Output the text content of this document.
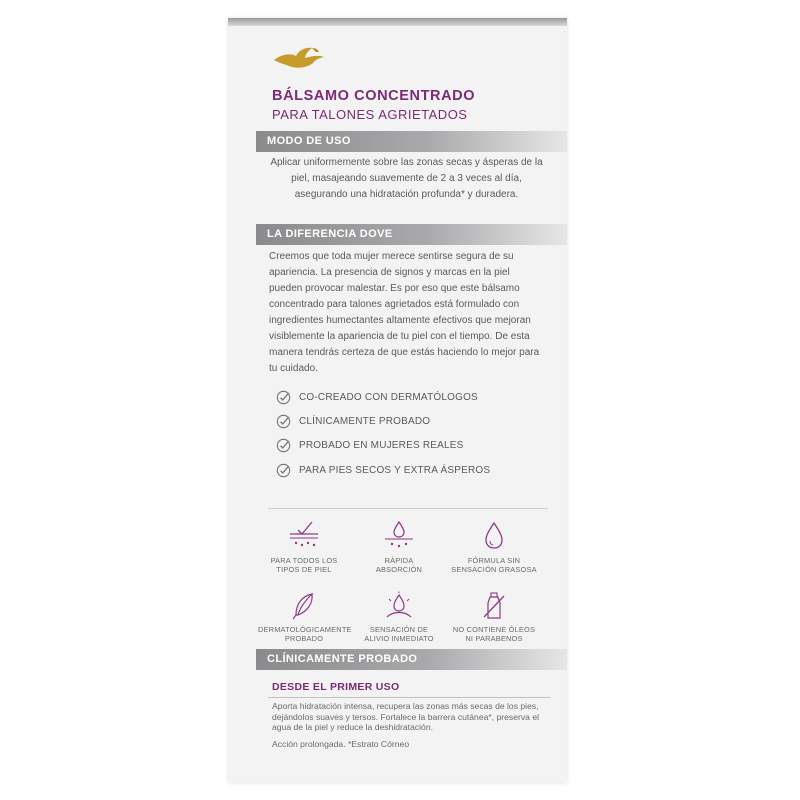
BÁLSAMO CONCENTRADO
PARA TALONES AGRIETADOS
MODO DE USO
Aplicar uniformemente sobre las zonas secas y ásperas de la piel, masajeando suavemente de 2 a 3 veces al día, asegurando una hidratación profunda* y duradera.
LA DIFERENCIA DOVE
Creemos que toda mujer merece sentirse segura de su apariencia. La presencia de signos y marcas en la piel pueden provocar malestar. Es por eso que este bálsamo concentrado para talones agrietados está formulado con ingredientes humectantes altamente efectivos que mejoran visiblemente la apariencia de tu piel con el tiempo. De esta manera tendrás certeza de que estás haciendo lo mejor para tu cuidado.
CO-CREADO CON DERMATÓLOGOS
CLÍNICAMENTE PROBADO
PROBADO EN MUJERES REALES
PARA PIES SECOS Y EXTRA ÁSPEROS
PARA TODOS LOS
TIPOS DE PIEL
RÁPIDA
ABSORCIÓN
FÓRMULA SIN
SENSACIÓN GRASOSA
DERMATOLÓGICAMENTE
PROBADO
SENSACIÓN DE
ALIVIO INMEDIATO
NO CONTIENE ÓLEOS
NI PARABENOS
CLÍNICAMENTE PROBADO
DESDE EL PRIMER USO
Aporta hidratación intensa, recupera las zonas más secas de los pies, dejándolos suaves y tersos. Fortalece la barrera cutánea*, preserva el agua de la piel y reduce la deshidratación.
Acción prolongada. *Estrato Córneo
